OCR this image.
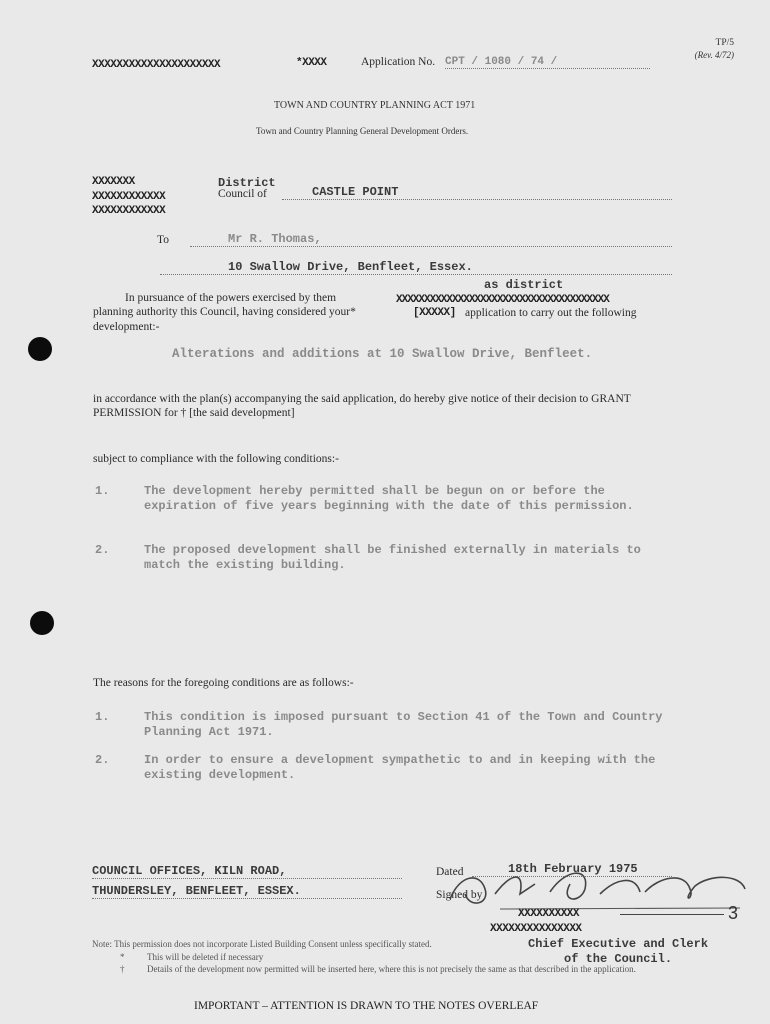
TP/5
(Rev. 4/72)
XXXXXXXXXXXXXXXXXXXXX	*XXXX	Application No. CPT / 1080 / 74 /
TOWN AND COUNTRY PLANNING ACT 1971
Town and Country Planning General Development Orders.
XXXXXXX
XXXXXXXXXXXX
XXXXXXXXXXXX
District
Council of	CASTLE POINT
To	Mr R. Thomas,
10 Swallow Drive, Benfleet, Essex.
as district
In pursuance of the powers exercised by them	XXXXXXXXXXXXXXXXXXXXXXXXXXXXXXXXXXXXXX
planning authority this Council, having considered your*	[XXXXX] application to carry out the following development:-
Alterations and additions at 10 Swallow Drive, Benfleet.
in accordance with the plan(s) accompanying the said application, do hereby give notice of their decision to GRANT PERMISSION for † [the said development]
subject to compliance with the following conditions:-
1.	The development hereby permitted shall be begun on or before the expiration of five years beginning with the date of this permission.
2.	The proposed development shall be finished externally in materials to match the existing building.
The reasons for the foregoing conditions are as follows:-
1.	This condition is imposed pursuant to Section 41 of the Town and Country Planning Act 1971.
2.	In order to ensure a development sympathetic to and in keeping with the existing development.
COUNCIL OFFICES, KILN ROAD,
THUNDERSLEY, BENFLEET, ESSEX.
Dated	18th February 1975
Signed by
XXXXXXXXXX
XXXXXXXXXXXXXXX
3
Chief Executive and Clerk
of the Council.
Note: This permission does not incorporate Listed Building Consent unless specifically stated.
*	This will be deleted if necessary
†	Details of the development now permitted will be inserted here, where this is not precisely the same as that described in the application.
IMPORTANT – ATTENTION IS DRAWN TO THE NOTES OVERLEAF
